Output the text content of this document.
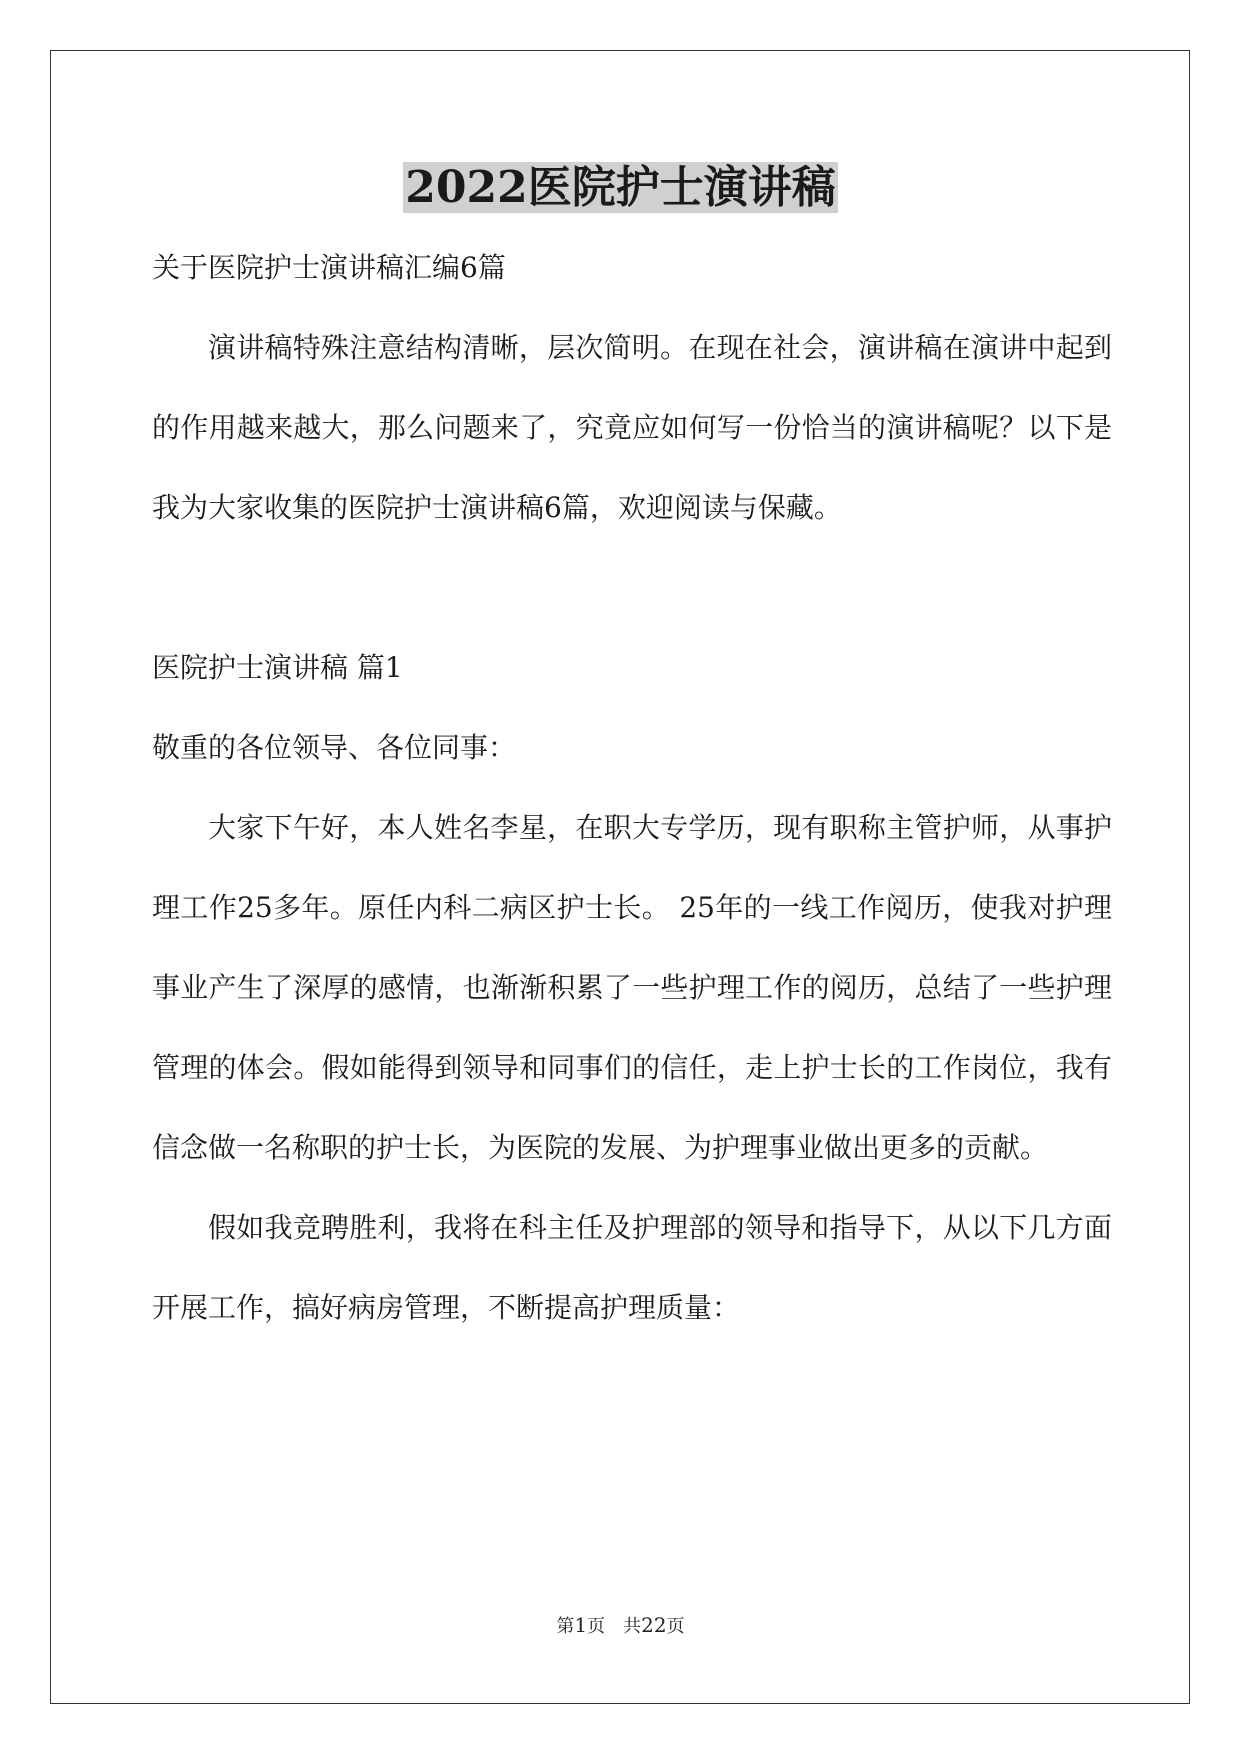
2022医院护士演讲稿

关于医院护士演讲稿汇编6篇

演讲稿特殊注意结构清晰，层次简明。在现在社会，演讲稿在演讲中起到的作用越来越大，那么问题来了，究竟应如何写一份恰当的演讲稿呢？以下是我为大家收集的医院护士演讲稿6篇，欢迎阅读与保藏。

医院护士演讲稿 篇1

敬重的各位领导、各位同事：

大家下午好，本人姓名李星，在职大专学历，现有职称主管护师，从事护理工作25多年。原任内科二病区护士长。 25年的一线工作阅历，使我对护理事业产生了深厚的感情，也渐渐积累了一些护理工作的阅历，总结了一些护理管理的体会。假如能得到领导和同事们的信任，走上护士长的工作岗位，我有信念做一名称职的护士长，为医院的发展、为护理事业做出更多的贡献。

假如我竞聘胜利，我将在科主任及护理部的领导和指导下，从以下几方面开展工作，搞好病房管理，不断提高护理质量：

第1页　共22页
